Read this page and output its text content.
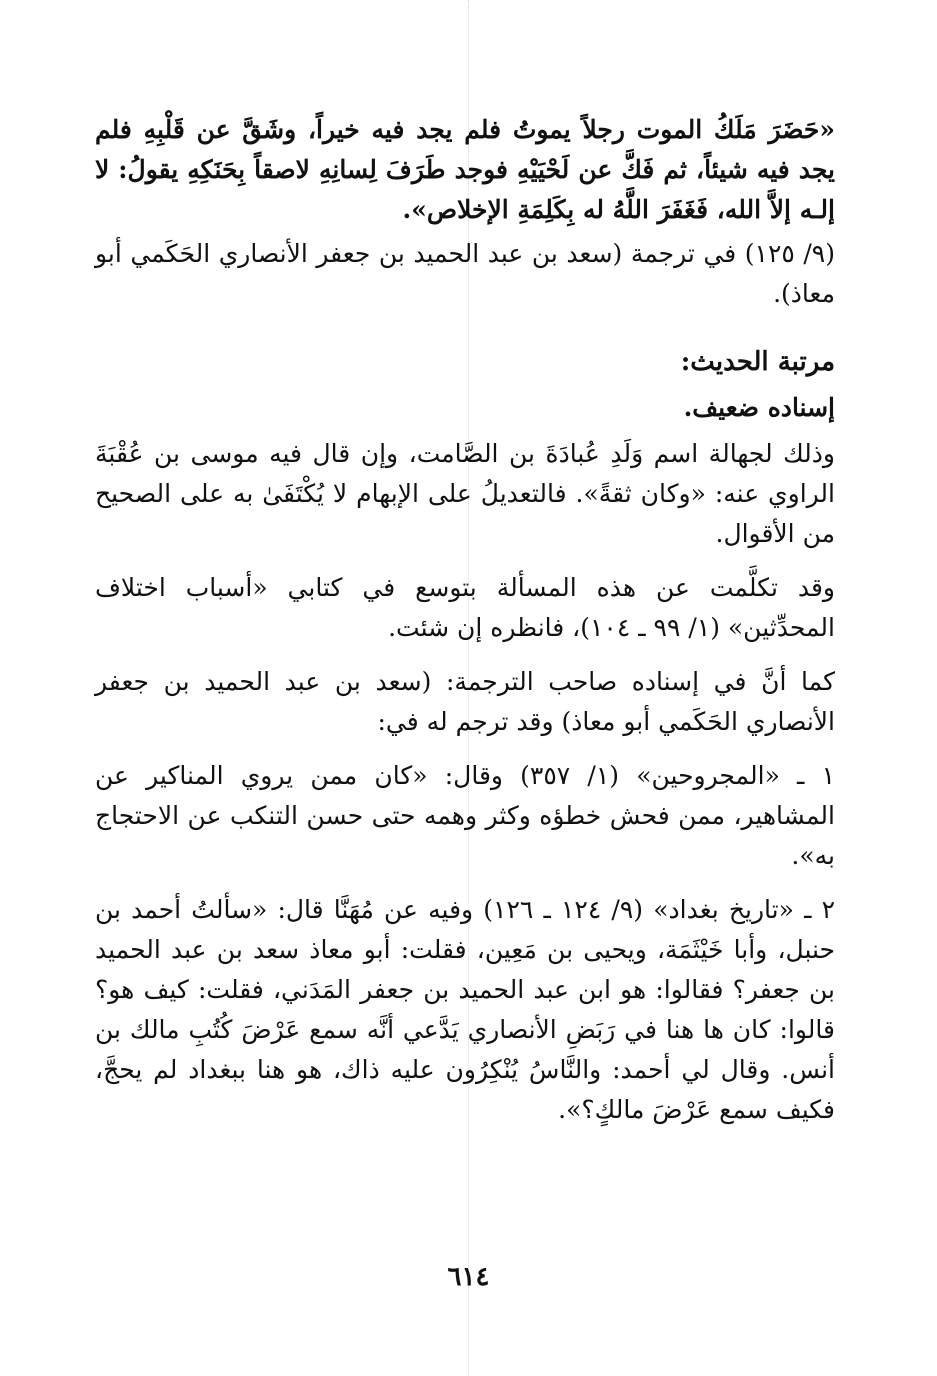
«حَضَرَ مَلَكُ الموت رجلاً يموتُ فلم يجد فيه خيراً، وشَقَّ عن قَلْبِهِ فلم يجد فيه شيئاً، ثم فَكَّ عن لَحْيَيْهِ فوجد طَرَفَ لِسانِهِ لاصقاً بِحَنَكِهِ يقولُ: لا إلـه إلاَّ الله، فَغَفَرَ اللَّهُ له بِكَلِمَةِ الإخلاص».

(٩/ ١٢٥) في ترجمة (سعد بن عبد الحميد بن جعفر الأنصاري الحَكَمي أبو معاذ).

مرتبة الحديث:

إسناده ضعيف.

وذلك لجهالة اسم وَلَدِ عُبادَةَ بن الصَّامت، وإن قال فيه موسى بن عُقْبَةَ الراوي عنه: «وكان ثقةً». فالتعديلُ على الإبهام لا يُكْتَفَىٰ به على الصحيح من الأقوال.

وقد تكلَّمت عن هذه المسألة بتوسع في كتابي «أسباب اختلاف المحدِّثين» (١/ ٩٩ ـ ١٠٤)، فانظره إن شئت.

كما أنَّ في إسناده صاحب الترجمة: (سعد بن عبد الحميد بن جعفر الأنصاري الحَكَمي أبو معاذ) وقد ترجم له في:

١ ـ «المجروحين» (١/ ٣٥٧) وقال: «كان ممن يروي المناكير عن المشاهير، ممن فحش خطؤه وكثر وهمه حتى حسن التنكب عن الاحتجاج به».

٢ ـ «تاريخ بغداد» (٩/ ١٢٤ ـ ١٢٦) وفيه عن مُهَنَّا قال: «سألتُ أحمد بن حنبل، وأبا خَيْثَمَة، ويحيى بن مَعِين، فقلت: أبو معاذ سعد بن عبد الحميد بن جعفر؟ فقالوا: هو ابن عبد الحميد بن جعفر المَدَني، فقلت: كيف هو؟ قالوا: كان ها هنا في رَبَضِ الأنصاري يَدَّعي أنَّه سمع عَرْضَ كُتُبِ مالك بن أنس. وقال لي أحمد: والنَّاسُ يُنْكِرُون عليه ذاك، هو هنا ببغداد لم يحجَّ، فكيف سمع عَرْضَ مالكٍ؟».

٦١٤
